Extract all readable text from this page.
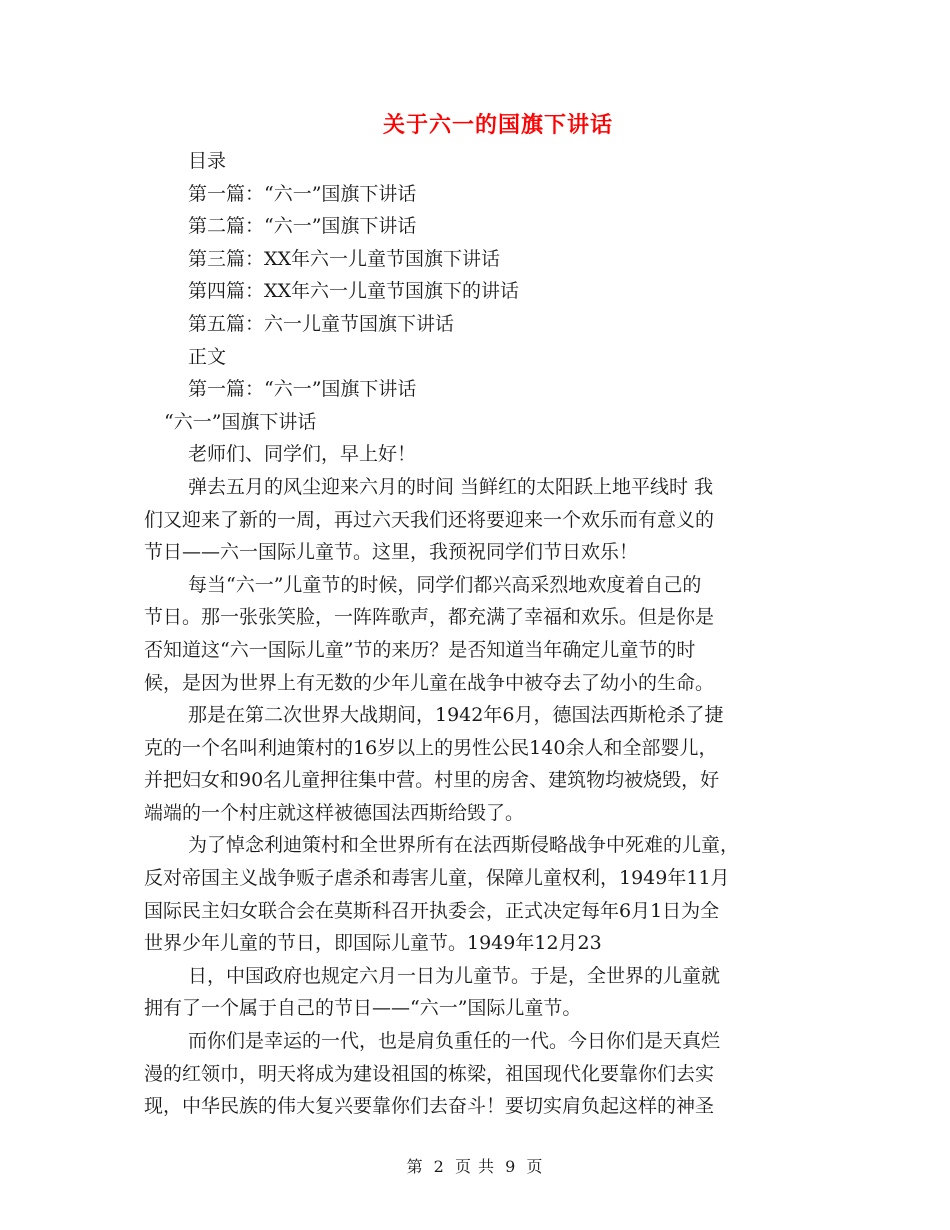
关于六一的国旗下讲话
目录
第一篇：“六一”国旗下讲话
第二篇：“六一”国旗下讲话
第三篇：XX年六一儿童节国旗下讲话
第四篇：XX年六一儿童节国旗下的讲话
第五篇：六一儿童节国旗下讲话
正文
第一篇：“六一”国旗下讲话
“六一”国旗下讲话
老师们、同学们，早上好！
弹去五月的风尘迎来六月的时间 当鲜红的太阳跃上地平线时 我
们又迎来了新的一周，再过六天我们还将要迎来一个欢乐而有意义的
节日——六一国际儿童节。这里，我预祝同学们节日欢乐！
每当“六一”儿童节的时候，同学们都兴高采烈地欢度着自己的
节日。那一张张笑脸，一阵阵歌声，都充满了幸福和欢乐。但是你是
否知道这“六一国际儿童”节的来历？是否知道当年确定儿童节的时
候，是因为世界上有无数的少年儿童在战争中被夺去了幼小的生命。
那是在第二次世界大战期间，1942年6月，德国法西斯枪杀了捷
克的一个名叫利迪策村的16岁以上的男性公民140余人和全部婴儿，
并把妇女和90名儿童押往集中营。村里的房舍、建筑物均被烧毁，好
端端的一个村庄就这样被德国法西斯给毁了。
为了悼念利迪策村和全世界所有在法西斯侵略战争中死难的儿童，
反对帝国主义战争贩子虐杀和毒害儿童，保障儿童权利，1949年11月
国际民主妇女联合会在莫斯科召开执委会，正式决定每年6月1日为全
世界少年儿童的节日，即国际儿童节。1949年12月23
日，中国政府也规定六月一日为儿童节。于是，全世界的儿童就
拥有了一个属于自己的节日——“六一”国际儿童节。
而你们是幸运的一代，也是肩负重任的一代。今日你们是天真烂
漫的红领巾，明天将成为建设祖国的栋梁，祖国现代化要靠你们去实
现，中华民族的伟大复兴要靠你们去奋斗！要切实肩负起这样的神圣
第 2 页 共 9 页
